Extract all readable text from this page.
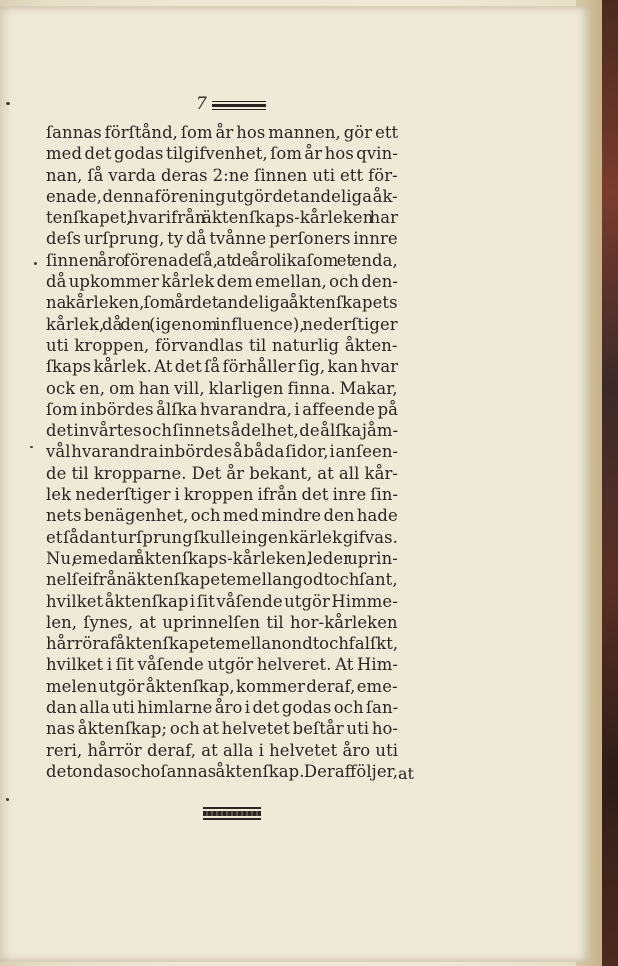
7
ſannas förſtånd, ſom år hos mannen, gör ett
med det godas tilgifvenhet, ſom år hos qvin-
nan, ſå varda deras 2:ne ſinnen uti ett för-
enade, denna förening utgör det andeliga åk-
tenſkapet, hvarifrån äktenſkaps-kårleken har
deſs urſprung, ty då tvånne perſoners innre
ſinnen åro förenade ſå, at de åro likaſom et enda,
då upkommer kårlek dem emellan, och den-
na kårleken, ſom år det andeliga åktenſkapets
kårlek, då den (igenom influence), nederſtiger
uti kroppen, förvandlas til naturlig åkten-
ſkaps kårlek. At det ſå förhåller ſig, kan hvar
ock en, om han vill, klarligen finna. Makar,
ſom inbördes ålſka hvarandra, i affeende på
det invårtes och ſinnets ådelhet, de ålſka jåm-
vål hvarandra inbördes å båda ſidor, i anſeen-
de til kropparne. Det år bekant, at all kår-
lek nederſtiger i kroppen ifrån det inre ſin-
nets benägenhet, och med mindre den hade
et ſådant urſprung ſkulle ingen kärlek gifvas.
Nu, emedan åktenſkaps-kårleken, leder uprin-
nelſe ifrån äktenſkapet emellan godt och ſant,
hvilket åktenſkap i ſit våſende utgör Himme-
len, ſynes, at uprinnelſen til hor-kårleken
hårrör af åktenſkapet emellan ondt och falſkt,
hvilket i ſit våſende utgör helveret. At Him-
melen utgör åktenſkap, kommer deraf, eme-
dan alla uti himlarne åro i det godas och ſan-
nas åktenſkap; och at helvetet beſtår uti ho-
reri, hårrör deraf, at alla i helvetet åro uti
det ondas och oſannas åktenſkap. Deraf följer, at
